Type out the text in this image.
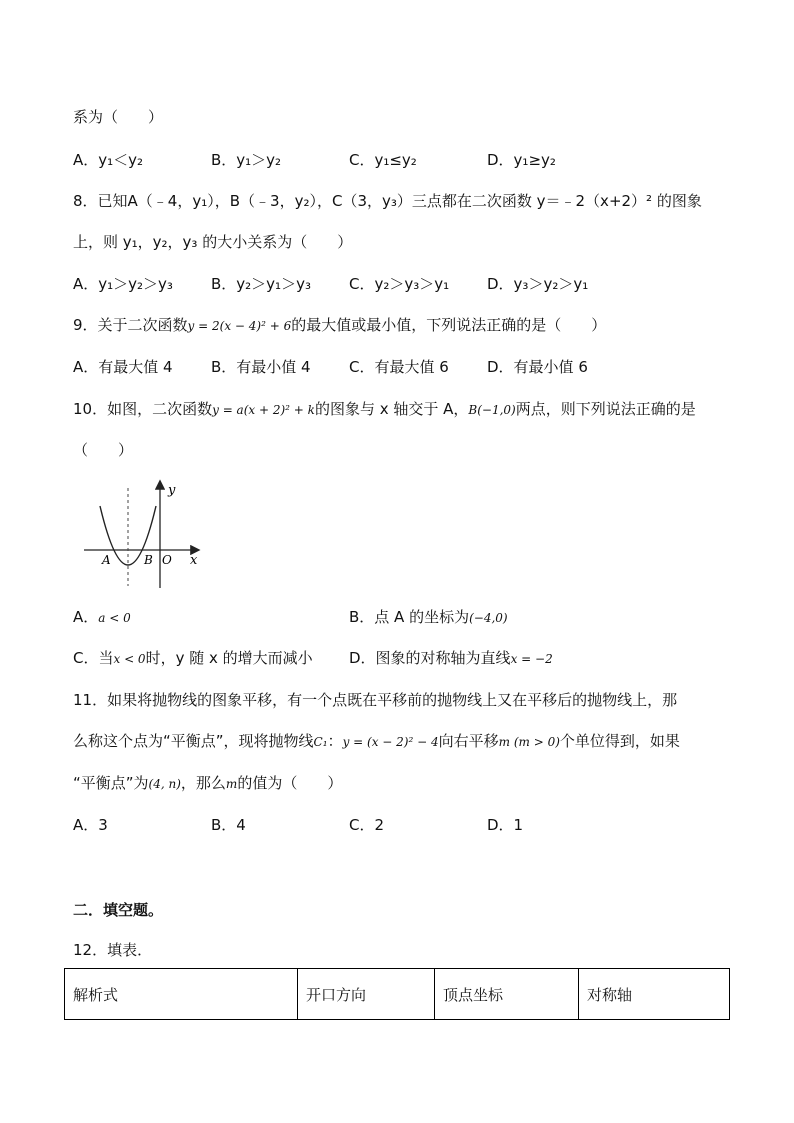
系为（　　）
A．y₁＜y₂	B．y₁＞y₂	C．y₁≤y₂	D．y₁≥y₂
8．已知A（﹣4，y₁），B（﹣3，y₂），C（3，y₃）三点都在二次函数 y＝﹣2（x+2）² 的图象
上，则 y₁，y₂，y₃ 的大小关系为（　　）
A．y₁＞y₂＞y₃	B．y₂＞y₁＞y₃	C．y₂＞y₃＞y₁	D．y₃＞y₂＞y₁
9．关于二次函数y = 2(x − 4)² + 6的最大值或最小值，下列说法正确的是（　　）
A．有最大值 4	B．有最小值 4	C．有最大值 6	D．有最小值 6
10．如图，二次函数y = a(x + 2)² + k的图象与 x 轴交于 A，B(−1,0)两点，则下列说法正确的是
（　　）
y
x
A	B O
A．a < 0	B．点 A 的坐标为(−4,0)
C．当x < 0时，y 随 x 的增大而减小 D．图象的对称轴为直线x = −2
11．如果将抛物线的图象平移，有一个点既在平移前的抛物线上又在平移后的抛物线上，那
么称这个点为“平衡点”，现将抛物线C₁：y = (x − 2)² − 4向右平移m (m > 0)个单位得到，如果
“平衡点”为(4, n)，那么m的值为（　　）
A．3	B．4	C．2	D．1
二．填空题。
12．填表．
解析式	开口方向	顶点坐标	对称轴
